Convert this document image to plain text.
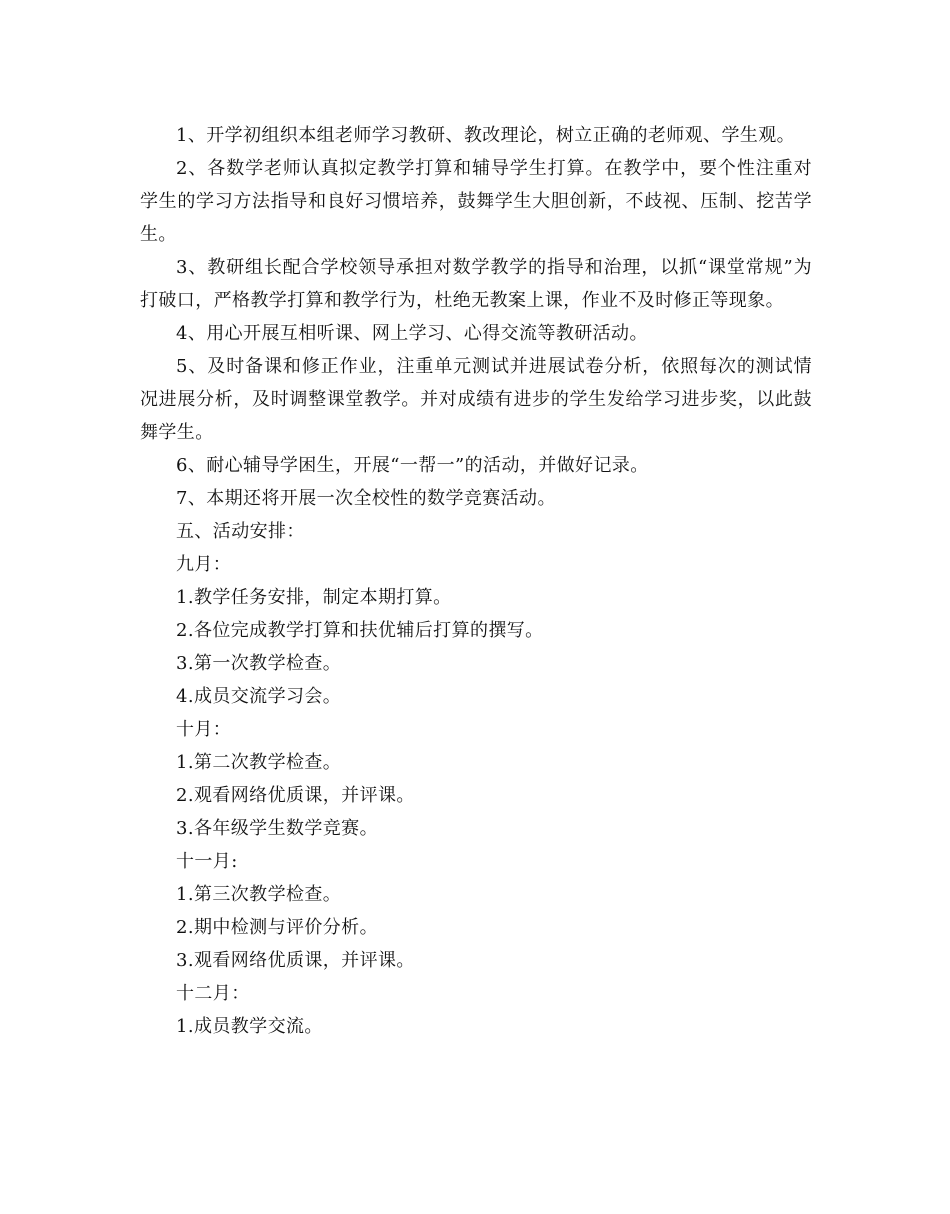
1、开学初组织本组老师学习教研、教改理论，树立正确的老师观、学生观。

2、各数学老师认真拟定教学打算和辅导学生打算。在教学中，要个性注重对学生的学习方法指导和良好习惯培养，鼓舞学生大胆创新，不歧视、压制、挖苦学生。

3、教研组长配合学校领导承担对数学教学的指导和治理，以抓“课堂常规”为打破口，严格教学打算和教学行为，杜绝无教案上课，作业不及时修正等现象。

4、用心开展互相听课、网上学习、心得交流等教研活动。

5、及时备课和修正作业，注重单元测试并进展试卷分析，依照每次的测试情况进展分析，及时调整课堂教学。并对成绩有进步的学生发给学习进步奖，以此鼓舞学生。

6、耐心辅导学困生，开展“一帮一”的活动，并做好记录。

7、本期还将开展一次全校性的数学竞赛活动。

五、活动安排：

九月：

1.教学任务安排，制定本期打算。

2.各位完成教学打算和扶优辅后打算的撰写。

3.第一次教学检查。

4.成员交流学习会。

十月：

1.第二次教学检查。

2.观看网络优质课，并评课。

3.各年级学生数学竞赛。

十一月:

1.第三次教学检查。

2.期中检测与评价分析。

3.观看网络优质课，并评课。

十二月：

1.成员教学交流。
